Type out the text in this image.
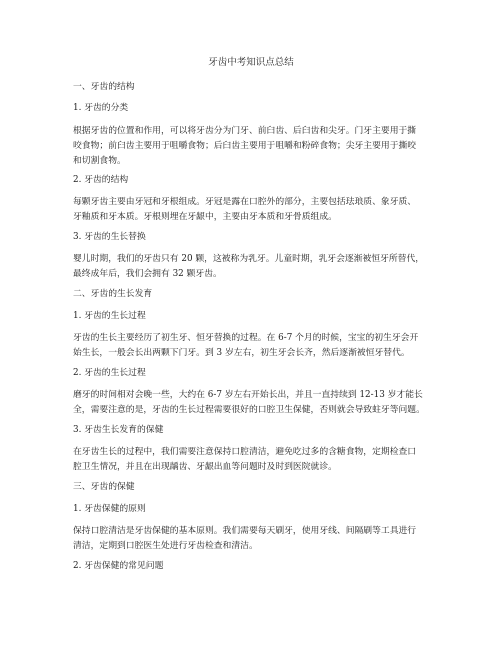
牙齿中考知识点总结
一、牙齿的结构
1. 牙齿的分类
根据牙齿的位置和作用，可以将牙齿分为门牙、前臼齿、后臼齿和尖牙。门牙主要用于撕
咬食物；前臼齿主要用于咀嚼食物；后臼齿主要用于咀嚼和粉碎食物；尖牙主要用于撕咬
和切割食物。
2. 牙齿的结构
每颗牙齿主要由牙冠和牙根组成。牙冠是露在口腔外的部分，主要包括珐琅质、象牙质、
牙釉质和牙本质。牙根则埋在牙龈中，主要由牙本质和牙骨质组成。
3. 牙齿的生长替换
婴儿时期，我们的牙齿只有 20 颗，这被称为乳牙。儿童时期，乳牙会逐渐被恒牙所替代，
最终成年后，我们会拥有 32 颗牙齿。
二、牙齿的生长发育
1. 牙齿的生长过程
牙齿的生长主要经历了初生牙、恒牙替换的过程。在 6-7 个月的时候，宝宝的初生牙会开
始生长，一般会长出两颗下门牙。到 3 岁左右，初生牙会长齐，然后逐渐被恒牙替代。
2. 牙齿的生长过程
磨牙的时间相对会晚一些，大约在 6-7 岁左右开始长出，并且一直持续到 12-13 岁才能长
全，需要注意的是，牙齿的生长过程需要很好的口腔卫生保健，否则就会导致蛀牙等问题。
3. 牙齿生长发育的保健
在牙齿生长的过程中，我们需要注意保持口腔清洁，避免吃过多的含糖食物，定期检查口
腔卫生情况，并且在出现龋齿、牙龈出血等问题时及时到医院就诊。
三、牙齿的保健
1. 牙齿保健的原则
保持口腔清洁是牙齿保健的基本原则。我们需要每天刷牙，使用牙线、间隔刷等工具进行
清洁，定期到口腔医生处进行牙齿检查和清洁。
2. 牙齿保健的常见问题
